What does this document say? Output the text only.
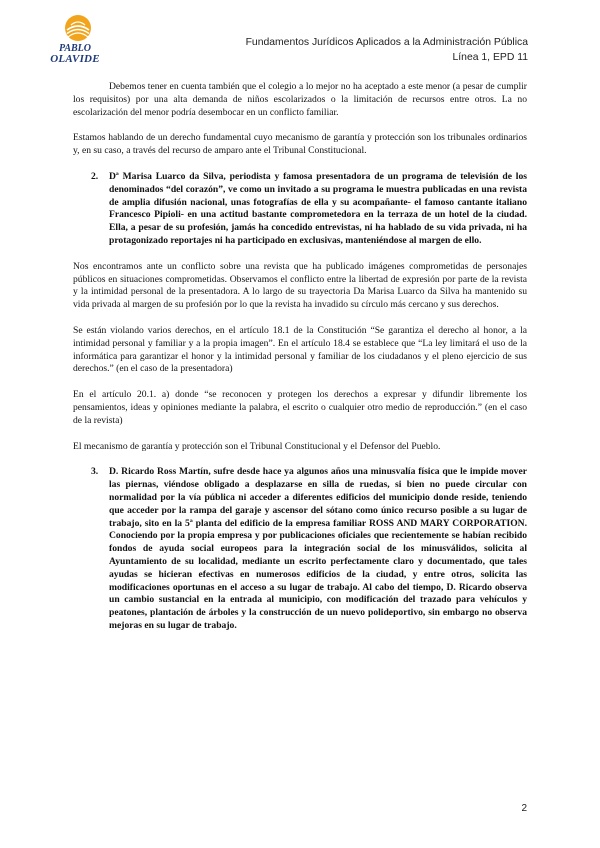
PABLO
OLAVIDE
Fundamentos Jurídicos Aplicados a la Administración Pública
Línea 1, EPD 11

Debemos tener en cuenta también que el colegio a lo mejor no ha aceptado a este menor (a pesar de cumplir los requisitos) por una alta demanda de niños escolarizados o la limitación de recursos entre otros. La no escolarización del menor podría desembocar en un conflicto familiar.

Estamos hablando de un derecho fundamental cuyo mecanismo de garantía y protección son los tribunales ordinarios y, en su caso, a través del recurso de amparo ante el Tribunal Constitucional.

2. Dª Marisa Luarco da Silva, periodista y famosa presentadora de un programa de televisión de los denominados “del corazón”, ve como un invitado a su programa le muestra publicadas en una revista de amplia difusión nacional, unas fotografías de ella y su acompañante- el famoso cantante italiano Francesco Pipioli- en una actitud bastante comprometedora en la terraza de un hotel de la ciudad. Ella, a pesar de su profesión, jamás ha concedido entrevistas, ni ha hablado de su vida privada, ni ha protagonizado reportajes ni ha participado en exclusivas, manteniéndose al margen de ello.

Nos encontramos ante un conflicto sobre una revista que ha publicado imágenes comprometidas de personajes públicos en situaciones comprometidas. Observamos el conflicto entre la libertad de expresión por parte de la revista y la intimidad personal de la presentadora. A lo largo de su trayectoria Da Marisa Luarco da Silva ha mantenido su vida privada al margen de su profesión por lo que la revista ha invadido su círculo más cercano y sus derechos.

Se están violando varios derechos, en el artículo 18.1 de la Constitución “Se garantiza el derecho al honor, a la intimidad personal y familiar y a la propia imagen”. En el artículo 18.4 se establece que “La ley limitará el uso de la informática para garantizar el honor y la intimidad personal y familiar de los ciudadanos y el pleno ejercicio de sus derechos.” (en el caso de la presentadora)

En el artículo 20.1. a) donde “se reconocen y protegen los derechos a expresar y difundir libremente los pensamientos, ideas y opiniones mediante la palabra, el escrito o cualquier otro medio de reproducción.” (en el caso de la revista)

El mecanismo de garantía y protección son el Tribunal Constitucional y el Defensor del Pueblo.

3. D. Ricardo Ross Martín, sufre desde hace ya algunos años una minusvalía física que le impide mover las piernas, viéndose obligado a desplazarse en silla de ruedas, si bien no puede circular con normalidad por la vía pública ni acceder a diferentes edificios del municipio donde reside, teniendo que acceder por la rampa del garaje y ascensor del sótano como único recurso posible a su lugar de trabajo, sito en la 5ª planta del edificio de la empresa familiar ROSS AND MARY CORPORATION. Conociendo por la propia empresa y por publicaciones oficiales que recientemente se habían recibido fondos de ayuda social europeos para la integración social de los minusválidos, solicita al Ayuntamiento de su localidad, mediante un escrito perfectamente claro y documentado, que tales ayudas se hicieran efectivas en numerosos edificios de la ciudad, y entre otros, solicita las modificaciones oportunas en el acceso a su lugar de trabajo. Al cabo del tiempo, D. Ricardo observa un cambio sustancial en la entrada al municipio, con modificación del trazado para vehículos y peatones, plantación de árboles y la construcción de un nuevo polideportivo, sin embargo no observa mejoras en su lugar de trabajo.

2
